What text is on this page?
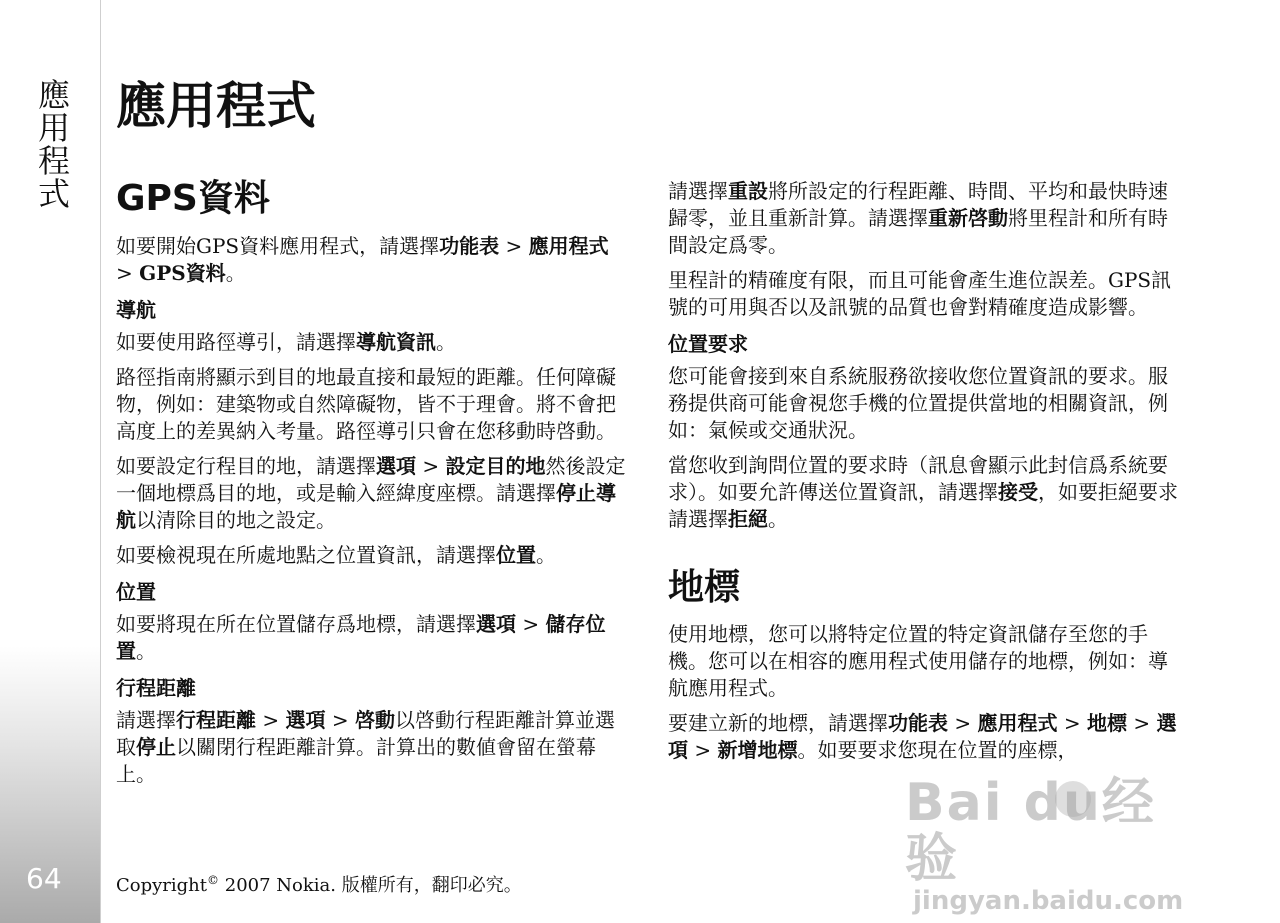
應用程式
64
應用程式
GPS資料

如要開始GPS資料應用程式，請選擇功能表 > 應用程式 > GPS資料。

導航

如要使用路徑導引，請選擇導航資訊。

路徑指南將顯示到目的地最直接和最短的距離。任何障礙物，例如：建築物或自然障礙物，皆不于理會。將不會把高度上的差異納入考量。路徑導引只會在您移動時啓動。

如要設定行程目的地，請選擇選項 > 設定目的地然後設定一個地標爲目的地，或是輸入經緯度座標。請選擇停止導航以清除目的地之設定。

如要檢視現在所處地點之位置資訊，請選擇位置。

位置

如要將現在所在位置儲存爲地標，請選擇選項 > 儲存位置。

行程距離

請選擇行程距離 > 選項 > 啓動以啓動行程距離計算並選取停止以關閉行程距離計算。計算出的數値會留在螢幕上。

請選擇重設將所設定的行程距離、時間、平均和最快時速歸零，並且重新計算。請選擇重新啓動將里程計和所有時間設定爲零。

里程計的精確度有限，而且可能會產生進位誤差。GPS訊號的可用與否以及訊號的品質也會對精確度造成影響。

位置要求

您可能會接到來自系統服務欲接收您位置資訊的要求。服務提供商可能會視您手機的位置提供當地的相關資訊，例如：氣候或交通狀況。

當您收到詢問位置的要求時（訊息會顯示此封信爲系統要求）。如要允許傳送位置資訊，請選擇接受，如要拒絕要求請選擇拒絕。

地標

使用地標，您可以將特定位置的特定資訊儲存至您的手機。您可以在相容的應用程式使用儲存的地標，例如：導航應用程式。

要建立新的地標，請選擇功能表 > 應用程式 > 地標 > 選項 > 新增地標。如要要求您現在位置的座標，

Copyright© 2007 Nokia. 版權所有，翻印必究。
Bai du经验
jingyan.baidu.com
